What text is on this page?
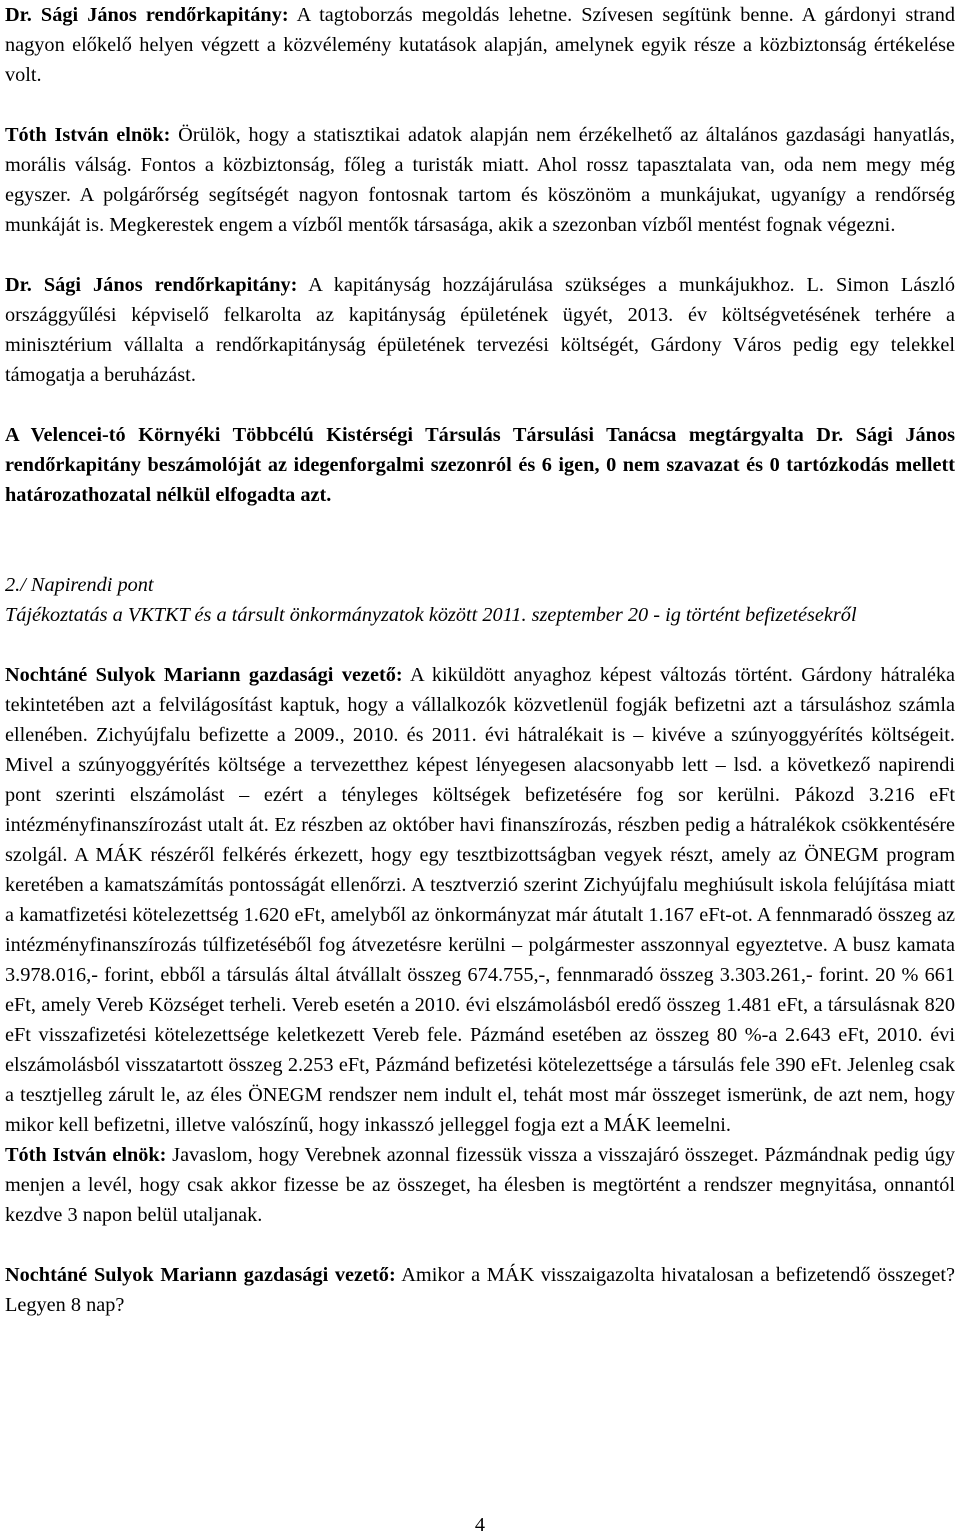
Dr. Sági János rendőrkapitány: A tagtoborzás megoldás lehetne. Szívesen segítünk benne. A gárdonyi strand nagyon előkelő helyen végzett a közvélemény kutatások alapján, amelynek egyik része a közbiztonság értékelése volt.

Tóth István elnök: Örülök, hogy a statisztikai adatok alapján nem érzékelhető az általános gazdasági hanyatlás, morális válság. Fontos a közbiztonság, főleg a turisták miatt. Ahol rossz tapasztalata van, oda nem megy még egyszer. A polgárőrség segítségét nagyon fontosnak tartom és köszönöm a munkájukat, ugyanígy a rendőrség munkáját is. Megkerestek engem a vízből mentők társasága, akik a szezonban vízből mentést fognak végezni.

Dr. Sági János rendőrkapitány: A kapitányság hozzájárulása szükséges a munkájukhoz. L. Simon László országgyűlési képviselő felkarolta az kapitányság épületének ügyét, 2013. év költségvetésének terhére a minisztérium vállalta a rendőrkapitányság épületének tervezési költségét, Gárdony Város pedig egy telekkel támogatja a beruházást.

A Velencei-tó Környéki Többcélú Kistérségi Társulás Társulási Tanácsa megtárgyalta Dr. Sági János rendőrkapitány beszámolóját az idegenforgalmi szezonról és 6 igen, 0 nem szavazat és 0 tartózkodás mellett határozathozatal nélkül elfogadta azt.

2./ Napirendi pont

Tájékoztatás a VKTKT és a társult önkormányzatok között 2011. szeptember 20 - ig történt befizetésekről

Nochtáné Sulyok Mariann gazdasági vezető: A kiküldött anyaghoz képest változás történt. Gárdony hátraléka tekintetében azt a felvilágosítást kaptuk, hogy a vállalkozók közvetlenül fogják befizetni azt a társuláshoz számla ellenében. Zichyújfalu befizette a 2009., 2010. és 2011. évi hátralékait is – kivéve a szúnyoggyérítés költségeit. Mivel a szúnyoggyérítés költsége a tervezetthez képest lényegesen alacsonyabb lett – lsd. a következő napirendi pont szerinti elszámolást – ezért a tényleges költségek befizetésére fog sor kerülni. Pákozd 3.216 eFt intézményfinanszírozást utalt át. Ez részben az október havi finanszírozás, részben pedig a hátralékok csökkentésére szolgál. A MÁK részéről felkérés érkezett, hogy egy tesztbizottságban vegyek részt, amely az ÖNEGM program keretében a kamatszámítás pontosságát ellenőrzi. A tesztverzió szerint Zichyújfalu meghiúsult iskola felújítása miatt a kamatfizetési kötelezettség 1.620 eFt, amelyből az önkormányzat már átutalt 1.167 eFt-ot. A fennmaradó összeg az intézményfinanszírozás túlfizetéséből fog átvezetésre kerülni – polgármester asszonnyal egyeztetve. A busz kamata 3.978.016,- forint, ebből a társulás által átvállalt összeg 674.755,-, fennmaradó összeg 3.303.261,- forint. 20 % 661 eFt, amely Vereb Községet terheli. Vereb esetén a 2010. évi elszámolásból eredő összeg 1.481 eFt, a társulásnak 820 eFt visszafizetési kötelezettsége keletkezett Vereb fele. Pázmánd esetében az összeg 80 %-a 2.643 eFt, 2010. évi elszámolásból visszatartott összeg 2.253 eFt, Pázmánd befizetési kötelezettsége a társulás fele 390 eFt. Jelenleg csak a tesztjelleg zárult le, az éles ÖNEGM rendszer nem indult el, tehát most már összeget ismerünk, de azt nem, hogy mikor kell befizetni, illetve valószínű, hogy inkasszó jelleggel fogja ezt a MÁK leemelni.

Tóth István elnök: Javaslom, hogy Verebnek azonnal fizessük vissza a visszajáró összeget. Pázmándnak pedig úgy menjen a levél, hogy csak akkor fizesse be az összeget, ha élesben is megtörtént a rendszer megnyitása, onnantól kezdve 3 napon belül utaljanak.

Nochtáné Sulyok Mariann gazdasági vezető: Amikor a MÁK visszaigazolta hivatalosan a befizetendő összeget? Legyen 8 nap?

4
